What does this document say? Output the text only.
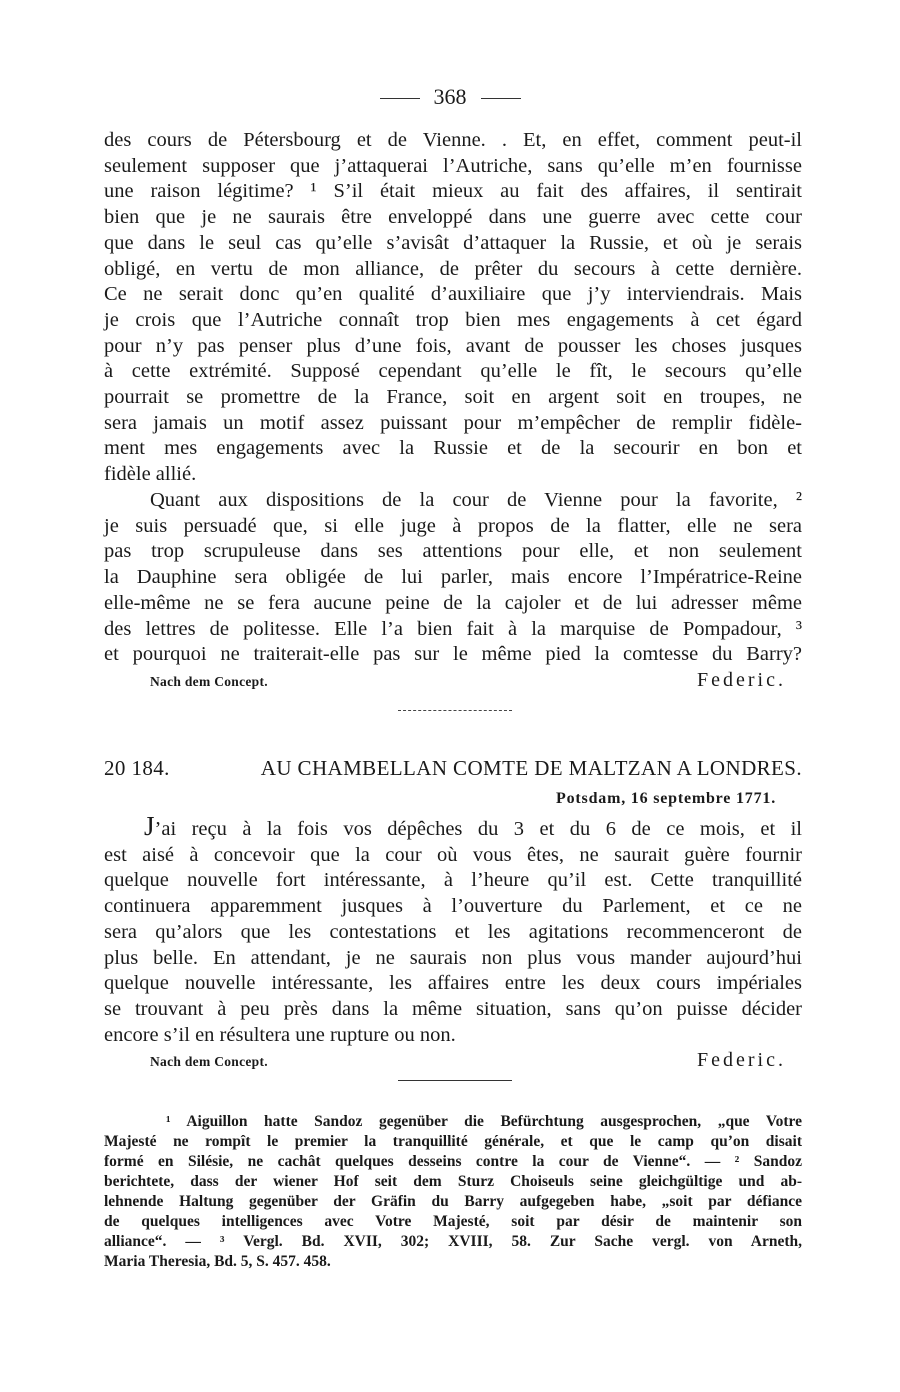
368
des cours de Pétersbourg et de Vienne. . Et, en effet, comment peut-il
seulement supposer que j’attaquerai l’Autriche, sans qu’elle m’en fournisse
une raison légitime? ¹ S’il était mieux au fait des affaires, il sentirait
bien que je ne saurais être enveloppé dans une guerre avec cette cour
que dans le seul cas qu’elle s’avisât d’attaquer la Russie, et où je serais
obligé, en vertu de mon alliance, de prêter du secours à cette dernière.
Ce ne serait donc qu’en qualité d’auxiliaire que j’y interviendrais. Mais
je crois que l’Autriche connaît trop bien mes engagements à cet égard
pour n’y pas penser plus d’une fois, avant de pousser les choses jusques
à cette extrémité. Supposé cependant qu’elle le fît, le secours qu’elle
pourrait se promettre de la France, soit en argent soit en troupes, ne
sera jamais un motif assez puissant pour m’empêcher de remplir fidèle-
ment mes engagements avec la Russie et de la secourir en bon et
fidèle allié.
Quant aux dispositions de la cour de Vienne pour la favorite, ²
je suis persuadé que, si elle juge à propos de la flatter, elle ne sera
pas trop scrupuleuse dans ses attentions pour elle, et non seulement
la Dauphine sera obligée de lui parler, mais encore l’Impératrice-Reine
elle-même ne se fera aucune peine de la cajoler et de lui adresser même
des lettres de politesse. Elle l’a bien fait à la marquise de Pompadour, ³
et pourquoi ne traiterait-elle pas sur le même pied la comtesse du Barry?
Nach dem Concept.	Federic.
20 184.	AU CHAMBELLAN COMTE DE MALTZAN A LONDRES.
Potsdam, 16 septembre 1771.
J’ai reçu à la fois vos dépêches du 3 et du 6 de ce mois, et il
est aisé à concevoir que la cour où vous êtes, ne saurait guère fournir
quelque nouvelle fort intéressante, à l’heure qu’il est. Cette tranquillité
continuera apparemment jusques à l’ouverture du Parlement, et ce ne
sera qu’alors que les contestations et les agitations recommenceront de
plus belle. En attendant, je ne saurais non plus vous mander aujourd’hui
quelque nouvelle intéressante, les affaires entre les deux cours impériales
se trouvant à peu près dans la même situation, sans qu’on puisse décider
encore s’il en résultera une rupture ou non.
Nach dem Concept.	Federic.
¹ Aiguillon hatte Sandoz gegenüber die Befürchtung ausgesprochen, „que Votre
Majesté ne rompît le premier la tranquillité générale, et que le camp qu’on disait
formé en Silésie, ne cachât quelques desseins contre la cour de Vienne“. — ² Sandoz
berichtete, dass der wiener Hof seit dem Sturz Choiseuls seine gleichgültige und ab-
lehnende Haltung gegenüber der Gräfin du Barry aufgegeben habe, „soit par défiance
de quelques intelligences avec Votre Majesté, soit par désir de maintenir son
alliance“. — ³ Vergl. Bd. XVII, 302; XVIII, 58. Zur Sache vergl. von Arneth,
Maria Theresia, Bd. 5, S. 457. 458.
